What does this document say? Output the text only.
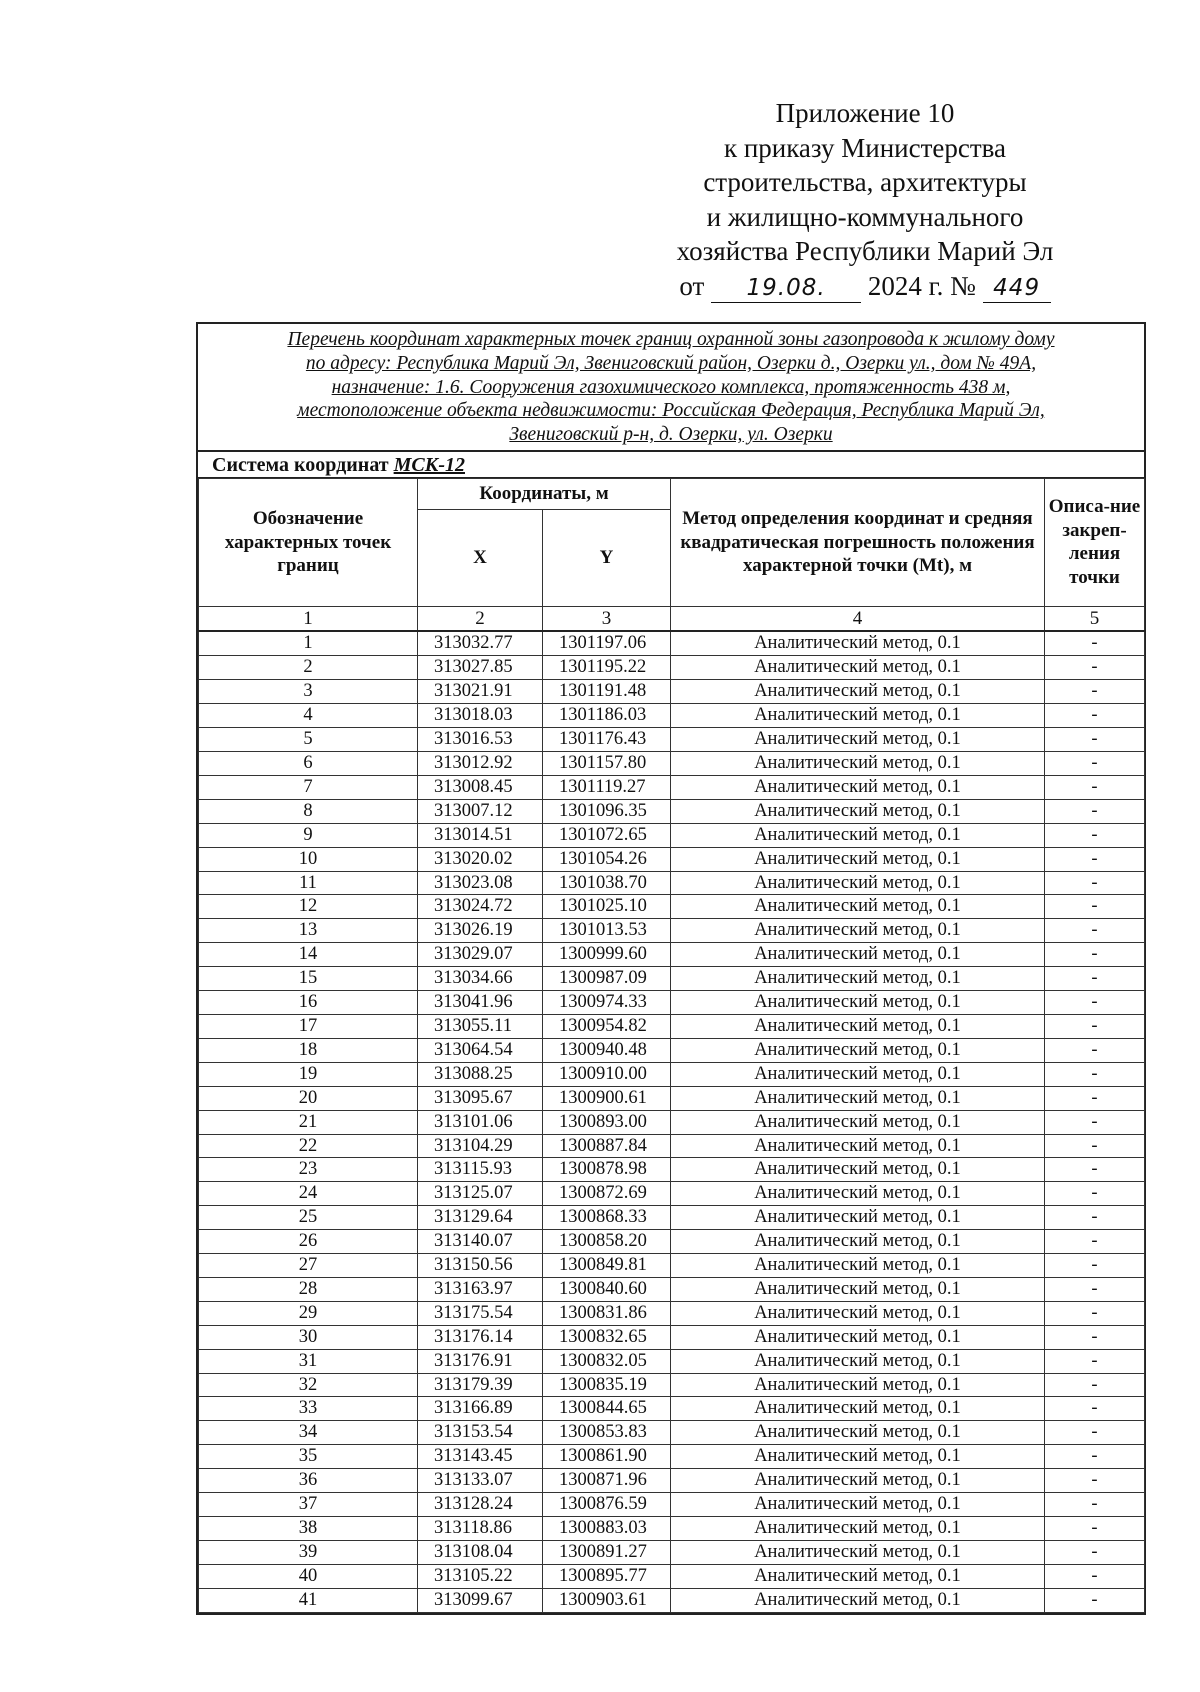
Приложение 10
к приказу Министерства
строительства, архитектуры
и жилищно-коммунального
хозяйства Республики Марий Эл
от 19.08. 2024 г. № 449
Перечень координат характерных точек границ охранной зоны газопровода к жилому дому
по адресу: Республика Марий Эл, Звениговский район, Озерки д., Озерки ул., дом № 49А,
назначение: 1.6. Сооружения газохимического комплекса, протяженность 438 м,
местоположение объекта недвижимости: Российская Федерация, Республика Марий Эл,
Звениговский р-н, д. Озерки, ул. Озерки
Система координат МСК-12
Обозначение характерных точек границ	Координаты, м		Метод определения координат и средняя квадратическая погрешность положения характерной точки (Mt), м	Описа-ние закреп-ления точки
	X	Y		
1	2	3	4	5
1	313032.77	1301197.06	Аналитический метод, 0.1	-
2	313027.85	1301195.22	Аналитический метод, 0.1	-
3	313021.91	1301191.48	Аналитический метод, 0.1	-
4	313018.03	1301186.03	Аналитический метод, 0.1	-
5	313016.53	1301176.43	Аналитический метод, 0.1	-
6	313012.92	1301157.80	Аналитический метод, 0.1	-
7	313008.45	1301119.27	Аналитический метод, 0.1	-
8	313007.12	1301096.35	Аналитический метод, 0.1	-
9	313014.51	1301072.65	Аналитический метод, 0.1	-
10	313020.02	1301054.26	Аналитический метод, 0.1	-
11	313023.08	1301038.70	Аналитический метод, 0.1	-
12	313024.72	1301025.10	Аналитический метод, 0.1	-
13	313026.19	1301013.53	Аналитический метод, 0.1	-
14	313029.07	1300999.60	Аналитический метод, 0.1	-
15	313034.66	1300987.09	Аналитический метод, 0.1	-
16	313041.96	1300974.33	Аналитический метод, 0.1	-
17	313055.11	1300954.82	Аналитический метод, 0.1	-
18	313064.54	1300940.48	Аналитический метод, 0.1	-
19	313088.25	1300910.00	Аналитический метод, 0.1	-
20	313095.67	1300900.61	Аналитический метод, 0.1	-
21	313101.06	1300893.00	Аналитический метод, 0.1	-
22	313104.29	1300887.84	Аналитический метод, 0.1	-
23	313115.93	1300878.98	Аналитический метод, 0.1	-
24	313125.07	1300872.69	Аналитический метод, 0.1	-
25	313129.64	1300868.33	Аналитический метод, 0.1	-
26	313140.07	1300858.20	Аналитический метод, 0.1	-
27	313150.56	1300849.81	Аналитический метод, 0.1	-
28	313163.97	1300840.60	Аналитический метод, 0.1	-
29	313175.54	1300831.86	Аналитический метод, 0.1	-
30	313176.14	1300832.65	Аналитический метод, 0.1	-
31	313176.91	1300832.05	Аналитический метод, 0.1	-
32	313179.39	1300835.19	Аналитический метод, 0.1	-
33	313166.89	1300844.65	Аналитический метод, 0.1	-
34	313153.54	1300853.83	Аналитический метод, 0.1	-
35	313143.45	1300861.90	Аналитический метод, 0.1	-
36	313133.07	1300871.96	Аналитический метод, 0.1	-
37	313128.24	1300876.59	Аналитический метод, 0.1	-
38	313118.86	1300883.03	Аналитический метод, 0.1	-
39	313108.04	1300891.27	Аналитический метод, 0.1	-
40	313105.22	1300895.77	Аналитический метод, 0.1	-
41	313099.67	1300903.61	Аналитический метод, 0.1	-
